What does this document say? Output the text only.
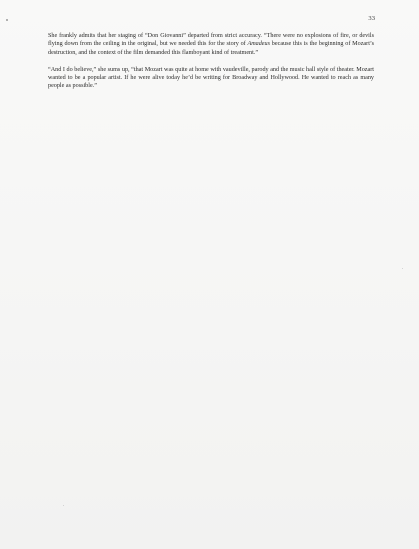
33

She frankly admits that her staging of “Don Giovanni” departed from strict accuracy. “There were no explosions of fire, or devils flying down from the ceiling in the original, but we needed this for the story of Amadeus because this is the beginning of Mozart’s destruction, and the context of the film demanded this flamboyant kind of treatment.”

“And I do believe,” she sums up, “that Mozart was quite at home with vaudeville, parody and the music hall style of theater. Mozart wanted to be a popular artist. If he were alive today he’d be writing for Broadway and Hollywood. He wanted to reach as many people as possible.”
